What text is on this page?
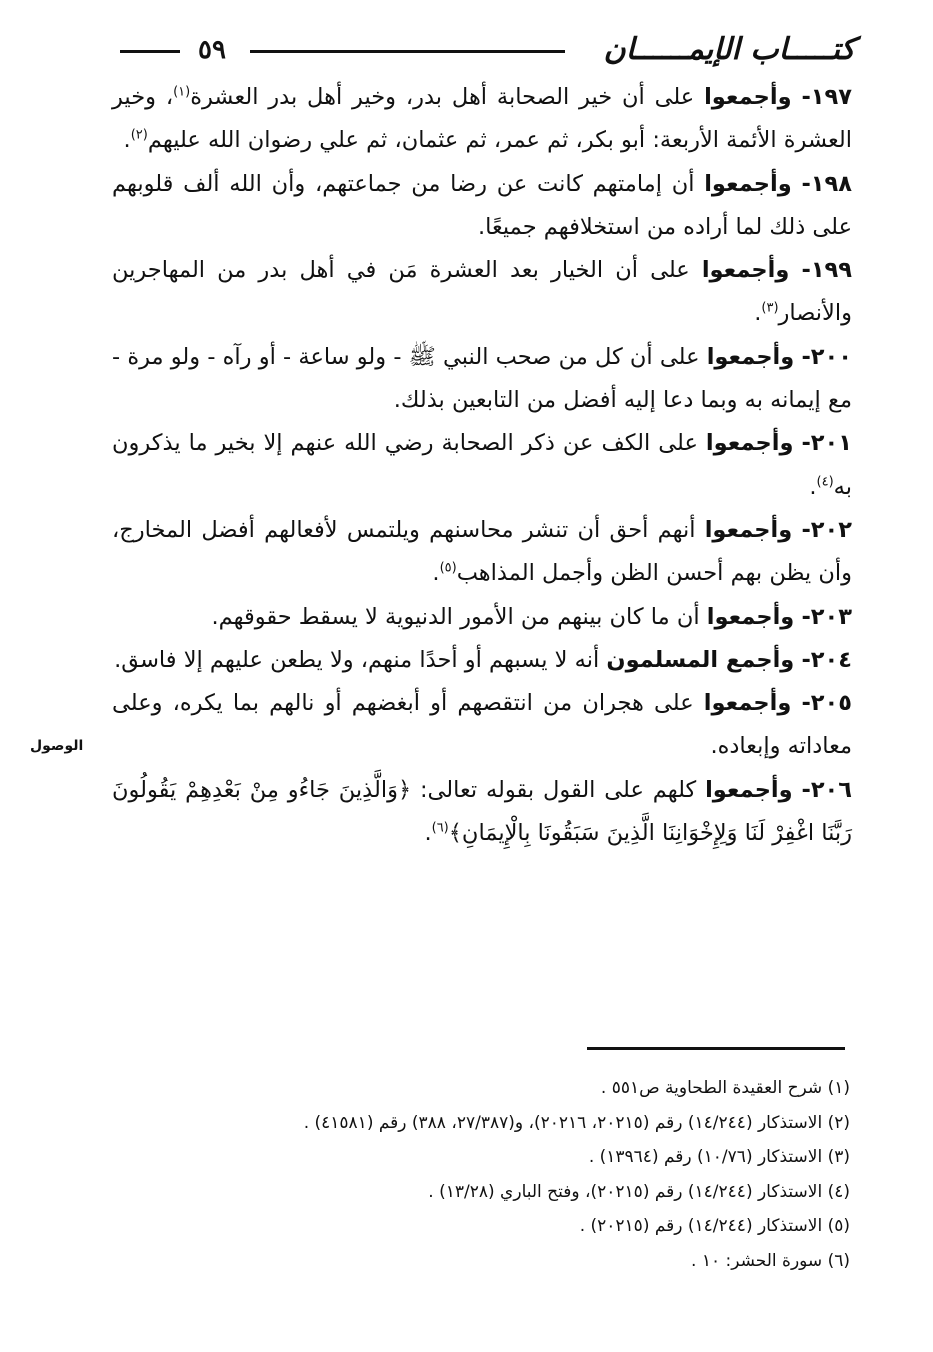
كتـــــاب الإيمــــــان
٥٩
الوصول

١٩٧- وأجمعوا على أن خير الصحابة أهل بدر، وخير أهل بدر العشرة$^{(١)}$، وخير العشرة الأئمة الأربعة: أبو بكر، ثم عمر، ثم عثمان، ثم علي رضوان الله عليهم$^{(٢)}$.

١٩٨- وأجمعوا أن إمامتهم كانت عن رضا من جماعتهم، وأن الله ألف قلوبهم على ذلك لما أراده من استخلافهم جميعًا.

١٩٩- وأجمعوا على أن الخيار بعد العشرة مَن في أهل بدر من المهاجرين والأنصار$^{(٣)}$.

٢٠٠- وأجمعوا على أن كل من صحب النبي ﷺ - ولو ساعة - أو رآه - ولو مرة - مع إيمانه به وبما دعا إليه أفضل من التابعين بذلك.

٢٠١- وأجمعوا على الكف عن ذكر الصحابة رضي الله عنهم إلا بخير ما يذكرون به$^{(٤)}$.

٢٠٢- وأجمعوا أنهم أحق أن تنشر محاسنهم ويلتمس لأفعالهم أفضل المخارج، وأن يظن بهم أحسن الظن وأجمل المذاهب$^{(٥)}$.

٢٠٣- وأجمعوا أن ما كان بينهم من الأمور الدنيوية لا يسقط حقوقهم.

٢٠٤- وأجمع المسلمون أنه لا يسبهم أو أحدًا منهم، ولا يطعن عليهم إلا فاسق.

٢٠٥- وأجمعوا على هجران من انتقصهم أو أبغضهم أو نالهم بما يكره، وعلى معاداته وإبعاده.

٢٠٦- وأجمعوا كلهم على القول بقوله تعالى: ﴿وَالَّذِينَ جَاءُو مِنْ بَعْدِهِمْ يَقُولُونَ رَبَّنَا اغْفِرْ لَنَا وَلِإِخْوَانِنَا الَّذِينَ سَبَقُونَا بِالْإِيمَانِ﴾$^{(٦)}$.

(١) شرح العقيدة الطحاوية ص٥٥١ .

(٢) الاستذكار (١٤/٢٤٤) رقم (٢٠٢١٥، ٢٠٢١٦)، و(٢٧/٣٨٧، ٣٨٨) رقم (٤١٥٨١) .

(٣) الاستذكار (١٠/٧٦) رقم (١٣٩٦٤) .

(٤) الاستذكار (١٤/٢٤٤) رقم (٢٠٢١٥)، وفتح الباري (١٣/٢٨) .

(٥) الاستذكار (١٤/٢٤٤) رقم (٢٠٢١٥) .

(٦) سورة الحشر: ١٠ .
